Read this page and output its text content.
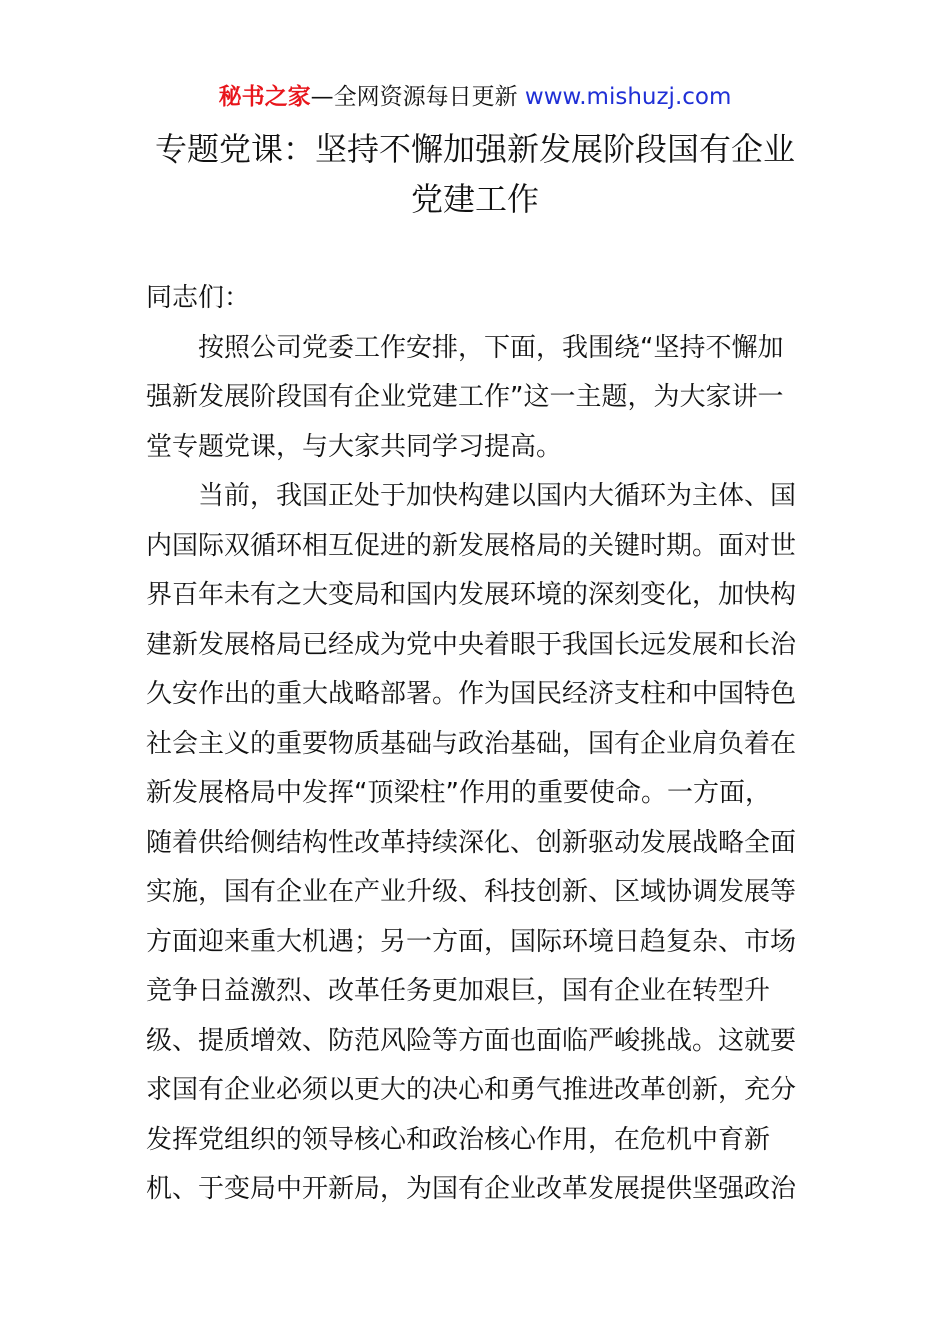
秘书之家—全网资源每日更新 www.mishuzj.com
专题党课：坚持不懈加强新发展阶段国有企业
党建工作
同志们：
按照公司党委工作安排，下面，我围绕“坚持不懈加
强新发展阶段国有企业党建工作”这一主题，为大家讲一
堂专题党课，与大家共同学习提高。
当前，我国正处于加快构建以国内大循环为主体、国
内国际双循环相互促进的新发展格局的关键时期。面对世
界百年未有之大变局和国内发展环境的深刻变化，加快构
建新发展格局已经成为党中央着眼于我国长远发展和长治
久安作出的重大战略部署。作为国民经济支柱和中国特色
社会主义的重要物质基础与政治基础，国有企业肩负着在
新发展格局中发挥“顶梁柱”作用的重要使命。一方面，
随着供给侧结构性改革持续深化、创新驱动发展战略全面
实施，国有企业在产业升级、科技创新、区域协调发展等
方面迎来重大机遇；另一方面，国际环境日趋复杂、市场
竞争日益激烈、改革任务更加艰巨，国有企业在转型升
级、提质增效、防范风险等方面也面临严峻挑战。这就要
求国有企业必须以更大的决心和勇气推进改革创新，充分
发挥党组织的领导核心和政治核心作用，在危机中育新
机、于变局中开新局，为国有企业改革发展提供坚强政治
